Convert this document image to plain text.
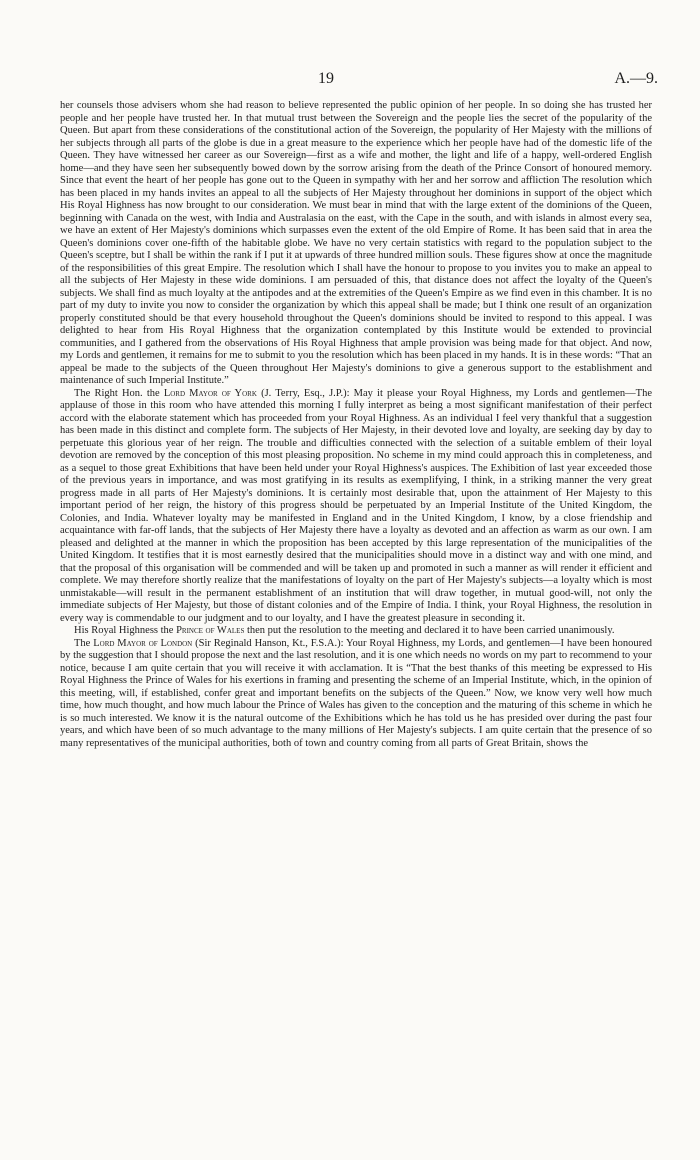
19	A.—9.

her counsels those advisers whom she had reason to believe represented the public opinion of her people. In so doing she has trusted her people and her people have trusted her. In that mutual trust between the Sovereign and the people lies the secret of the popularity of the Queen. But apart from these considerations of the constitutional action of the Sovereign, the popularity of Her Majesty with the millions of her subjects through all parts of the globe is due in a great measure to the experience which her people have had of the domestic life of the Queen. They have witnessed her career as our Sovereign—first as a wife and mother, the light and life of a happy, well-ordered English home—and they have seen her subsequently bowed down by the sorrow arising from the death of the Prince Consort of honoured memory. Since that event the heart of her people has gone out to the Queen in sympathy with her and her sorrow and affliction The resolution which has been placed in my hands invites an appeal to all the subjects of Her Majesty throughout her dominions in support of the object which His Royal Highness has now brought to our consideration. We must bear in mind that with the large extent of the dominions of the Queen, beginning with Canada on the west, with India and Australasia on the east, with the Cape in the south, and with islands in almost every sea, we have an extent of Her Majesty's dominions which surpasses even the extent of the old Empire of Rome. It has been said that in area the Queen's dominions cover one-fifth of the habitable globe. We have no very certain statistics with regard to the population subject to the Queen's sceptre, but I shall be within the rank if I put it at upwards of three hundred million souls. These figures show at once the magnitude of the responsibilities of this great Empire. The resolution which I shall have the honour to propose to you invites you to make an appeal to all the subjects of Her Majesty in these wide dominions. I am persuaded of this, that distance does not affect the loyalty of the Queen's subjects. We shall find as much loyalty at the antipodes and at the extremities of the Queen's Empire as we find even in this chamber. It is no part of my duty to invite you now to consider the organization by which this appeal shall be made; but I think one result of an organization properly constituted should be that every household throughout the Queen's dominions should be invited to respond to this appeal. I was delighted to hear from His Royal Highness that the organization contemplated by this Institute would be extended to provincial communities, and I gathered from the observations of His Royal Highness that ample provision was being made for that object. And now, my Lords and gentlemen, it remains for me to submit to you the resolution which has been placed in my hands. It is in these words: “That an appeal be made to the subjects of the Queen throughout Her Majesty's dominions to give a generous support to the establishment and maintenance of such Imperial Institute.”

The Right Hon. the Lord Mayor of York (J. Terry, Esq., J.P.): May it please your Royal Highness, my Lords and gentlemen—The applause of those in this room who have attended this morning I fully interpret as being a most significant manifestation of their perfect accord with the elaborate statement which has proceeded from your Royal Highness. As an individual I feel very thankful that a suggestion has been made in this distinct and complete form. The subjects of Her Majesty, in their devoted love and loyalty, are seeking day by day to perpetuate this glorious year of her reign. The trouble and difficulties connected with the selection of a suitable emblem of their loyal devotion are removed by the conception of this most pleasing proposition. No scheme in my mind could approach this in completeness, and as a sequel to those great Exhibitions that have been held under your Royal Highness's auspices. The Exhibition of last year exceeded those of the previous years in importance, and was most gratifying in its results as exemplifying, I think, in a striking manner the very great progress made in all parts of Her Majesty's dominions. It is certainly most desirable that, upon the attainment of Her Majesty to this important period of her reign, the history of this progress should be perpetuated by an Imperial Institute of the United Kingdom, the Colonies, and India. Whatever loyalty may be manifested in England and in the United Kingdom, I know, by a close friendship and acquaintance with far-off lands, that the subjects of Her Majesty there have a loyalty as devoted and an affection as warm as our own. I am pleased and delighted at the manner in which the proposition has been accepted by this large representation of the municipalities of the United Kingdom. It testifies that it is most earnestly desired that the municipalities should move in a distinct way and with one mind, and that the proposal of this organisation will be commended and will be taken up and promoted in such a manner as will render it efficient and complete. We may therefore shortly realize that the manifestations of loyalty on the part of Her Majesty's subjects—a loyalty which is most unmistakable—will result in the permanent establishment of an institution that will draw together, in mutual good-will, not only the immediate subjects of Her Majesty, but those of distant colonies and of the Empire of India. I think, your Royal Highness, the resolution in every way is commendable to our judgment and to our loyalty, and I have the greatest pleasure in seconding it.

His Royal Highness the Prince of Wales then put the resolution to the meeting and declared it to have been carried unanimously.

The Lord Mayor of London (Sir Reginald Hanson, Kt., F.S.A.): Your Royal Highness, my Lords, and gentlemen—I have been honoured by the suggestion that I should propose the next and the last resolution, and it is one which needs no words on my part to recommend to your notice, because I am quite certain that you will receive it with acclamation. It is “That the best thanks of this meeting be expressed to His Royal Highness the Prince of Wales for his exertions in framing and presenting the scheme of an Imperial Institute, which, in the opinion of this meeting, will, if established, confer great and important benefits on the subjects of the Queen.” Now, we know very well how much time, how much thought, and how much labour the Prince of Wales has given to the conception and the maturing of this scheme in which he is so much interested. We know it is the natural outcome of the Exhibitions which he has told us he has presided over during the past four years, and which have been of so much advantage to the many millions of Her Majesty's subjects. I am quite certain that the presence of so many representatives of the municipal authorities, both of town and country coming from all parts of Great Britain, shows the
